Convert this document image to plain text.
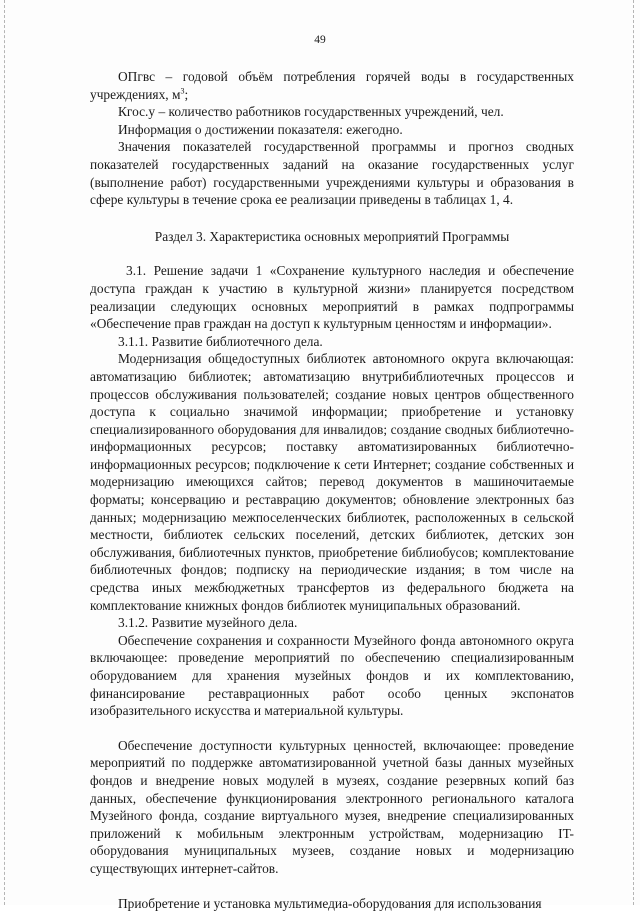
49

ОПгвс – годовой объём потребления горячей воды в государственных учреждениях, $м^3$;

Кгос.у – количество работников государственных учреждений, чел.

Информация о достижении показателя: ежегодно.

Значения показателей государственной программы и прогноз сводных показателей государственных заданий на оказание государственных услуг (выполнение работ) государственными учреждениями культуры и образования в сфере культуры в течение срока ее реализации приведены в таблицах 1, 4.

Раздел 3. Характеристика основных мероприятий Программы

3.1. Решение задачи 1 «Сохранение культурного наследия и обеспечение доступа граждан к участию в культурной жизни» планируется посредством реализации следующих основных мероприятий в рамках подпрограммы «Обеспечение прав граждан на доступ к культурным ценностям и информации».

3.1.1. Развитие библиотечного дела.

Модернизация общедоступных библиотек автономного округа включающая: автоматизацию библиотек; автоматизацию внутрибиблиотечных процессов и процессов обслуживания пользователей; создание новых центров общественного доступа к социально значимой информации; приобретение и установку специализированного оборудования для инвалидов; создание сводных библиотечно-информационных ресурсов; поставку автоматизированных библиотечно-информационных ресурсов; подключение к сети Интернет; создание собственных и модернизацию имеющихся сайтов; перевод документов в машиночитаемые форматы; консервацию и реставрацию документов; обновление электронных баз данных; модернизацию межпоселенческих библиотек, расположенных в сельской местности, библиотек сельских поселений, детских библиотек, детских зон обслуживания, библиотечных пунктов, приобретение библиобусов; комплектование библиотечных фондов; подписку на периодические издания; в том числе на средства иных межбюджетных трансфертов из федерального бюджета на комплектование книжных фондов библиотек муниципальных образований.

3.1.2. Развитие музейного дела.

Обеспечение сохранения и сохранности Музейного фонда автономного округа включающее: проведение мероприятий по обеспечению специализированным оборудованием для хранения музейных фондов и их комплектованию, финансирование реставрационных работ особо ценных экспонатов изобразительного искусства и материальной культуры.

Обеспечение доступности культурных ценностей, включающее: проведение мероприятий по поддержке автоматизированной учетной базы данных музейных фондов и внедрение новых модулей в музеях, создание резервных копий баз данных, обеспечение функционирования электронного регионального каталога Музейного фонда, создание виртуального музея, внедрение специализированных приложений к мобильным электронным устройствам, модернизацию IT-оборудования муниципальных музеев, создание новых и модернизацию существующих интернет-сайтов.

Приобретение и установка мультимедиа-оборудования для использования
